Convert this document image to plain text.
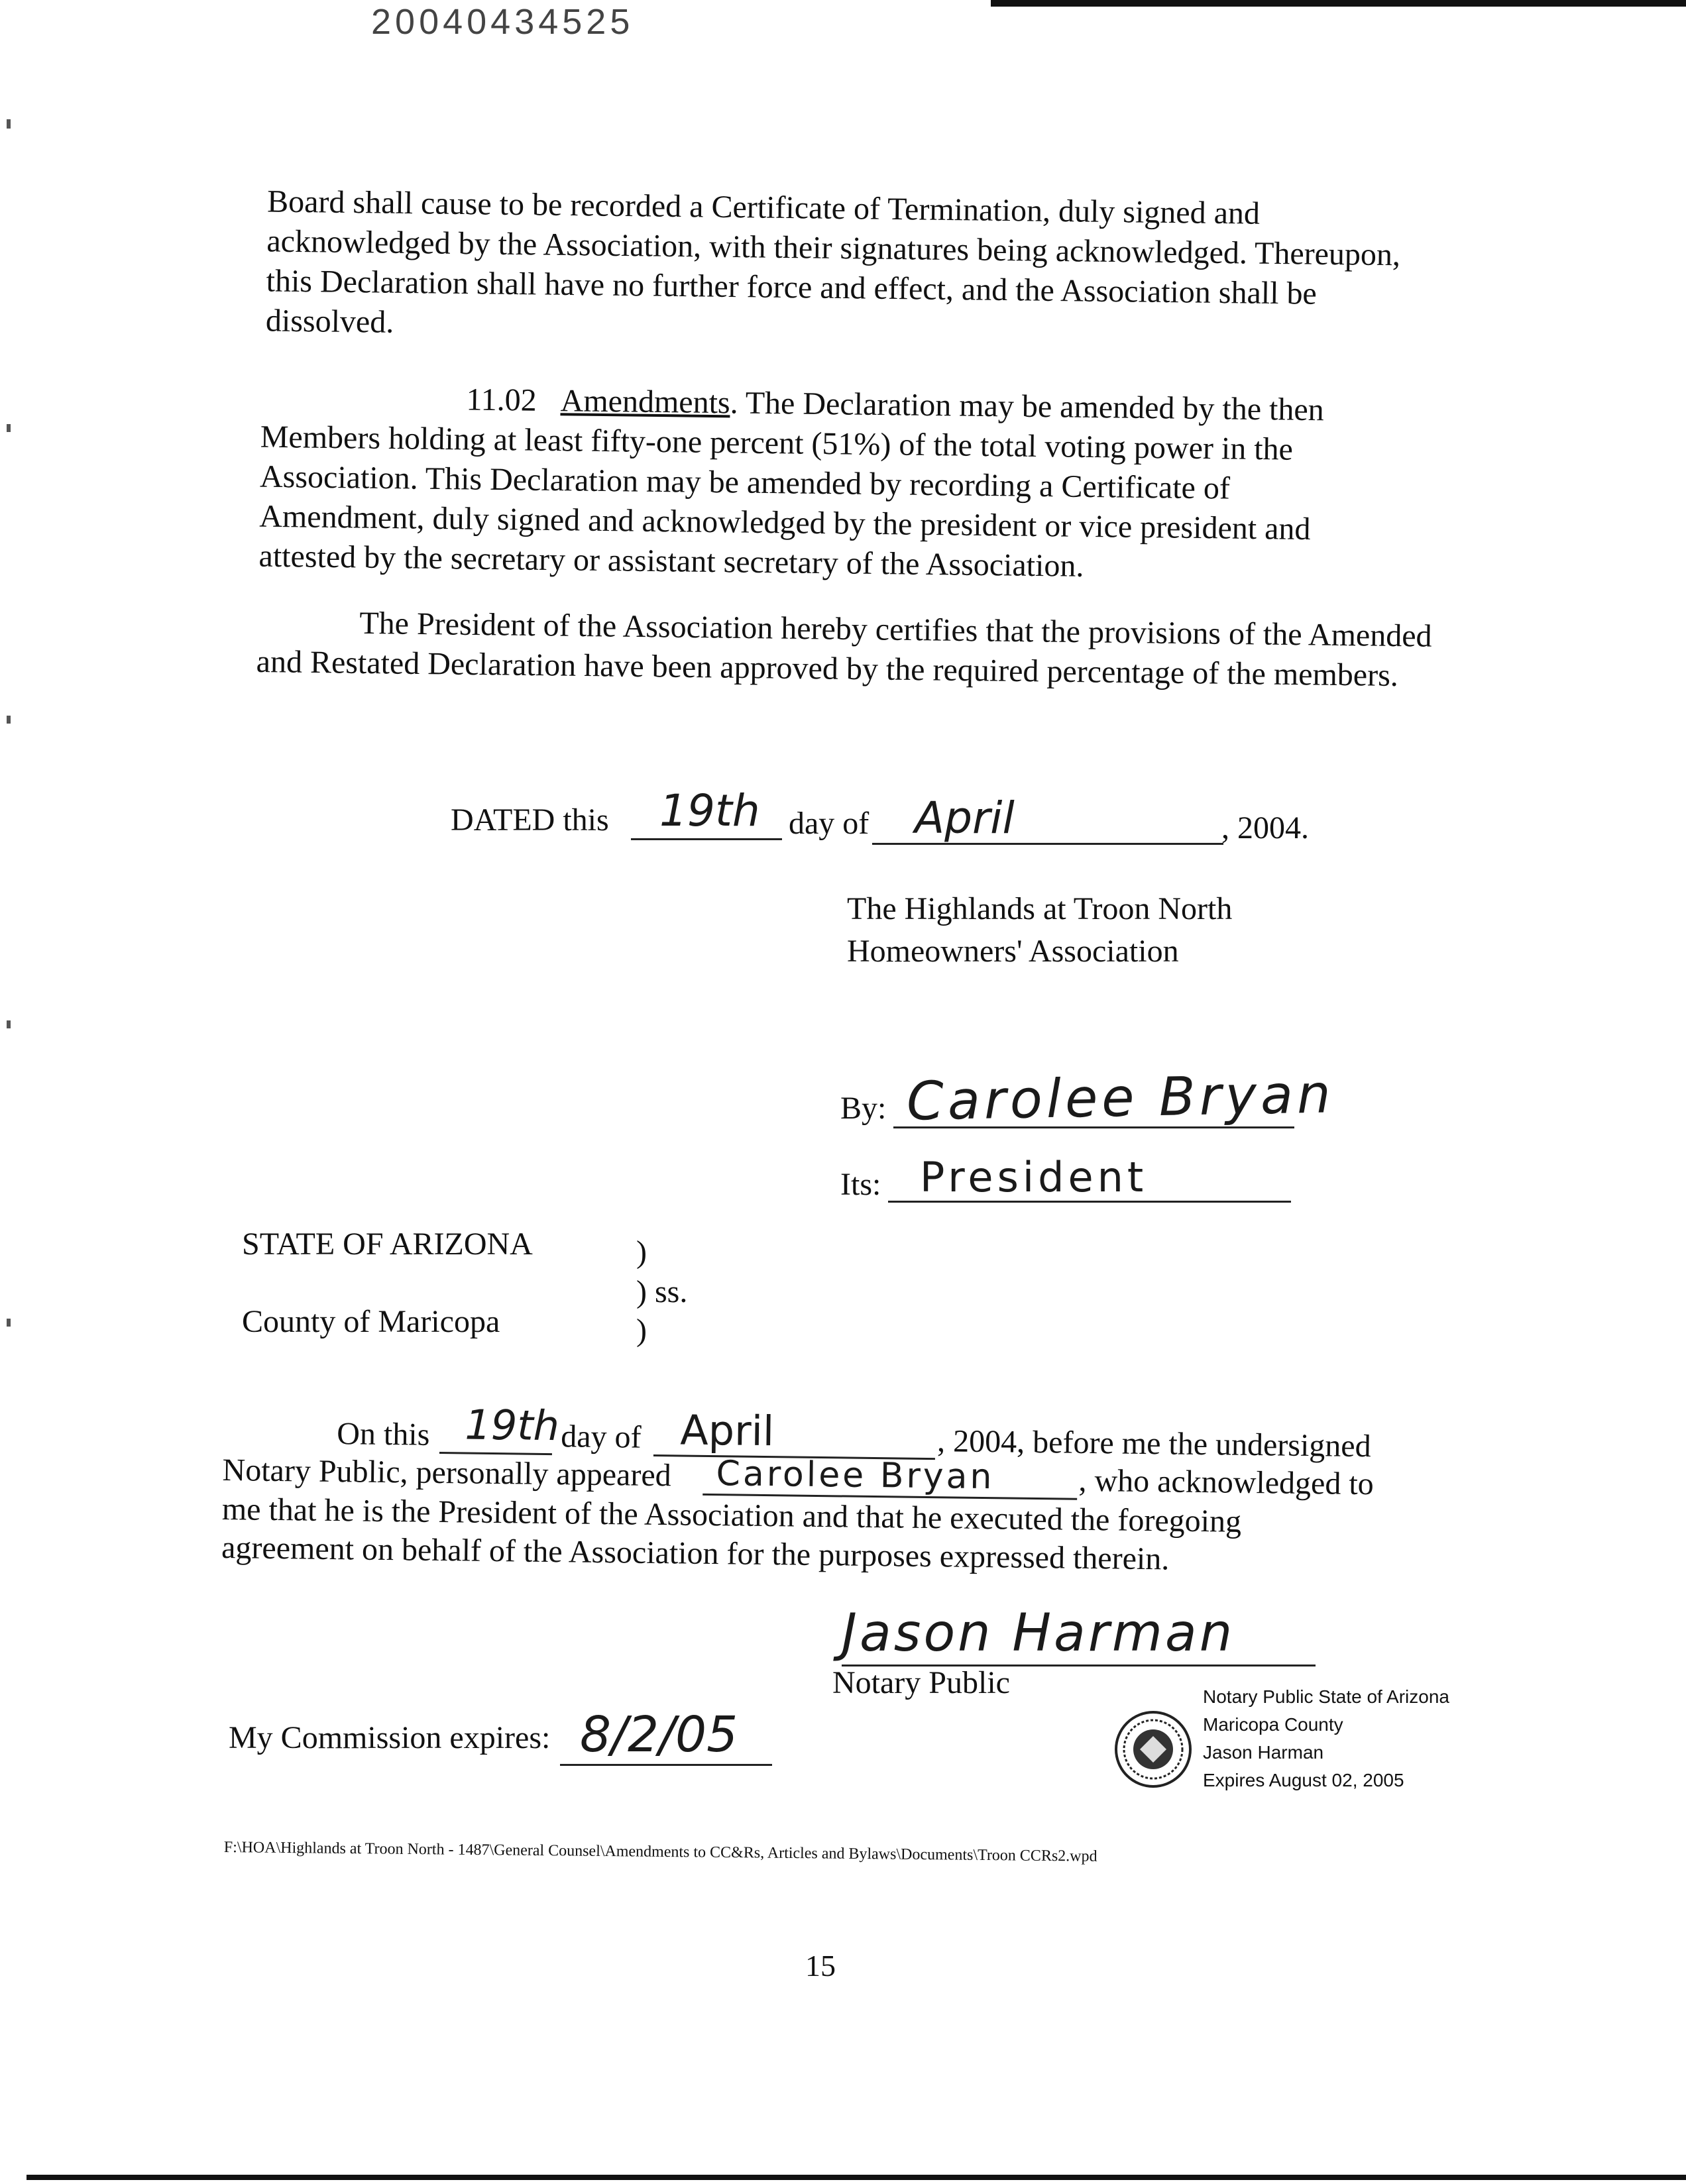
20040434525
Board shall cause to be recorded a Certificate of Termination, duly signed and acknowledged by the Association, with their signatures being acknowledged. Thereupon, this Declaration shall have no further force and effect, and the Association shall be dissolved.
11.02 Amendments. The Declaration may be amended by the then Members holding at least fifty-one percent (51%) of the total voting power in the Association. This Declaration may be amended by recording a Certificate of Amendment, duly signed and acknowledged by the president or vice president and attested by the secretary or assistant secretary of the Association.
The President of the Association hereby certifies that the provisions of the Amended and Restated Declaration have been approved by the required percentage of the members.
DATED this 19th day of April	, 2004.
The Highlands at Troon North
Homeowners' Association
By: Carolee Bryan
Its: President
STATE OF ARIZONA
County of Maricopa
)
) ss.
)
On this 19th day of April	, 2004, before me the undersigned
Notary Public, personally appeared Carolee Bryan	, who acknowledged to
me that he is the President of the Association and that he executed the foregoing agreement on behalf of the Association for the purposes expressed therein.
Jason Harman
Notary Public
My Commission expires: 8/2/05
Notary Public State of Arizona
Maricopa County
Jason Harman
Expires August 02, 2005
F:\HOA\Highlands at Troon North - 1487\General Counsel\Amendments to CC&Rs, Articles and Bylaws\Documents\Troon CCRs2.wpd
15
